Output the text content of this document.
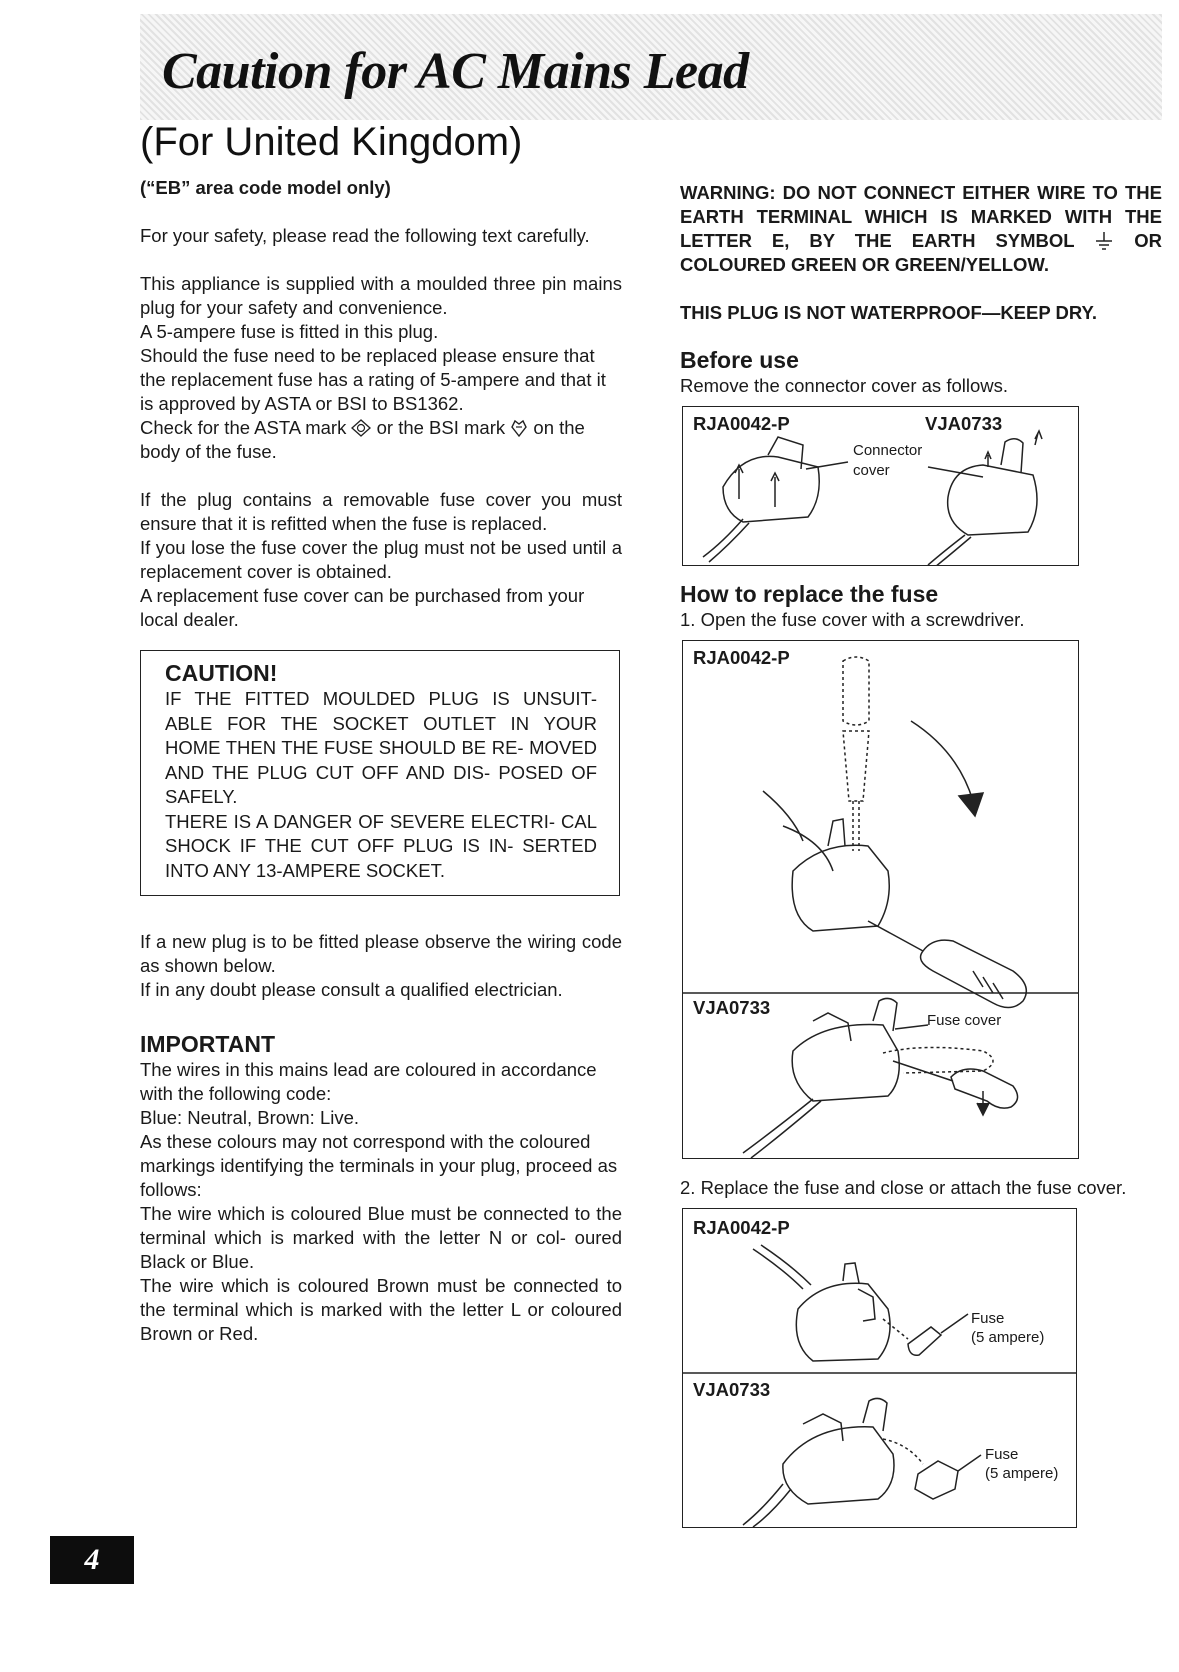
Caution for AC Mains Lead
(For United Kingdom)

(“EB” area code model only)

For your safety, please read the following text carefully.

This appliance is supplied with a moulded three pin mains plug for your safety and convenience.

A 5-ampere fuse is fitted in this plug.

Should the fuse need to be replaced please ensure that the replacement fuse has a rating of 5-ampere and that it is approved by ASTA or BSI to BS1362.

Check for the ASTA mark or the BSI mark on the body of the fuse.

If the plug contains a removable fuse cover you must ensure that it is refitted when the fuse is replaced.

If you lose the fuse cover the plug must not be used until a replacement cover is obtained.

A replacement fuse cover can be purchased from your local dealer.

CAUTION!
IF THE FITTED MOULDED PLUG IS UNSUIT- ABLE FOR THE SOCKET OUTLET IN YOUR HOME THEN THE FUSE SHOULD BE RE- MOVED AND THE PLUG CUT OFF AND DIS- POSED OF SAFELY.
THERE IS A DANGER OF SEVERE ELECTRI- CAL SHOCK IF THE CUT OFF PLUG IS IN- SERTED INTO ANY 13-AMPERE SOCKET.

If a new plug is to be fitted please observe the wiring code as shown below.

If in any doubt please consult a qualified electrician.

IMPORTANT

The wires in this mains lead are coloured in accordance with the following code:

Blue: Neutral, Brown: Live.

As these colours may not correspond with the coloured markings identifying the terminals in your plug, proceed as follows:

The wire which is coloured Blue must be connected to the terminal which is marked with the letter N or col- oured Black or Blue.

The wire which is coloured Brown must be connected to the terminal which is marked with the letter L or coloured Brown or Red.

WARNING: DO NOT CONNECT EITHER WIRE TO THE EARTH TERMINAL WHICH IS MARKED WITH THE LETTER E, BY THE EARTH SYMBOL	OR COLOURED GREEN OR GREEN/YELLOW.

THIS PLUG IS NOT WATERPROOF—KEEP DRY.

Before use

Remove the connector cover as follows.

RJA0042-P	VJA0733
Connector
cover
How to replace the fuse

1. Open the fuse cover with a screwdriver.

RJA0042-P
VJA0733
Fuse cover

2. Replace the fuse and close or attach the fuse cover.

RJA0042-P
VJA0733
Fuse
(5 ampere)
Fuse
(5 ampere)
4
